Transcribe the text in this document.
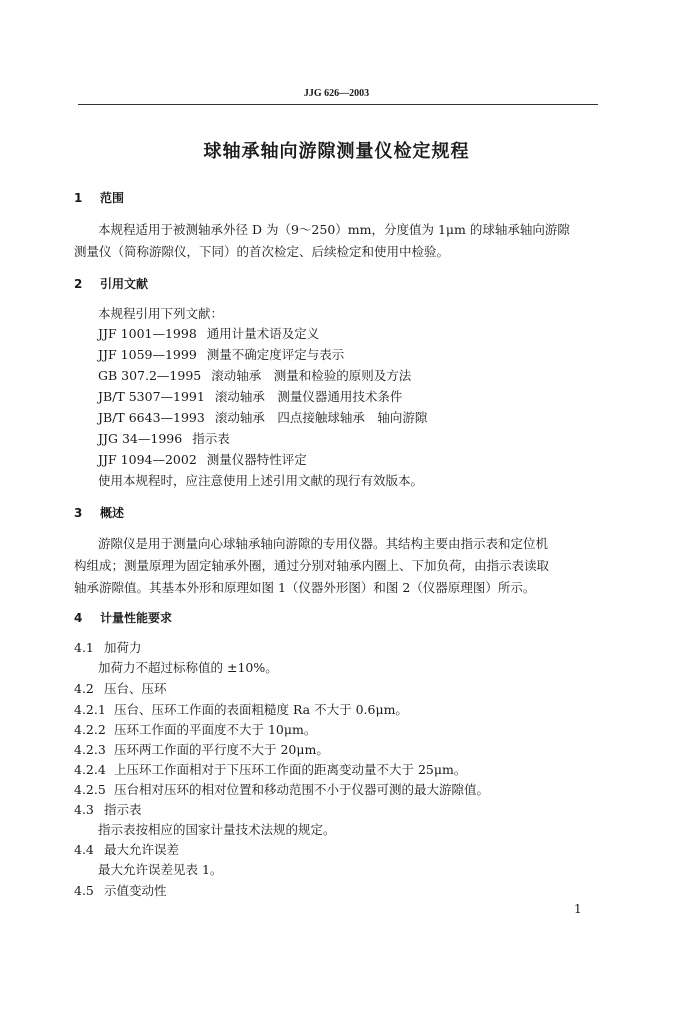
JJG 626—2003
球轴承轴向游隙测量仪检定规程
1 范围
本规程适用于被测轴承外径 D 为（9～250）mm，分度值为 1μm 的球轴承轴向游隙
测量仪（简称游隙仪，下同）的首次检定、后续检定和使用中检验。
2 引用文献
本规程引用下列文献：
JJF 1001—1998 通用计量术语及定义
JJF 1059—1999 测量不确定度评定与表示
GB 307.2—1995 滚动轴承　测量和检验的原则及方法
JB/T 5307—1991 滚动轴承　测量仪器通用技术条件
JB/T 6643—1993 滚动轴承　四点接触球轴承　轴向游隙
JJG 34—1996 指示表
JJF 1094—2002 测量仪器特性评定
使用本规程时，应注意使用上述引用文献的现行有效版本。
3 概述
游隙仪是用于测量向心球轴承轴向游隙的专用仪器。其结构主要由指示表和定位机
构组成；测量原理为固定轴承外圈，通过分别对轴承内圈上、下加负荷，由指示表读取
轴承游隙值。其基本外形和原理如图 1（仪器外形图）和图 2（仪器原理图）所示。
4 计量性能要求
4.1 加荷力
加荷力不超过标称值的 ±10%。
4.2 压台、压环
4.2.1 压台、压环工作面的表面粗糙度 Ra 不大于 0.6μm。
4.2.2 压环工作面的平面度不大于 10μm。
4.2.3 压环两工作面的平行度不大于 20μm。
4.2.4 上压环工作面相对于下压环工作面的距离变动量不大于 25μm。
4.2.5 压台相对压环的相对位置和移动范围不小于仪器可测的最大游隙值。
4.3 指示表
指示表按相应的国家计量技术法规的规定。
4.4 最大允许误差
最大允许误差见表 1。
4.5 示值变动性
1
